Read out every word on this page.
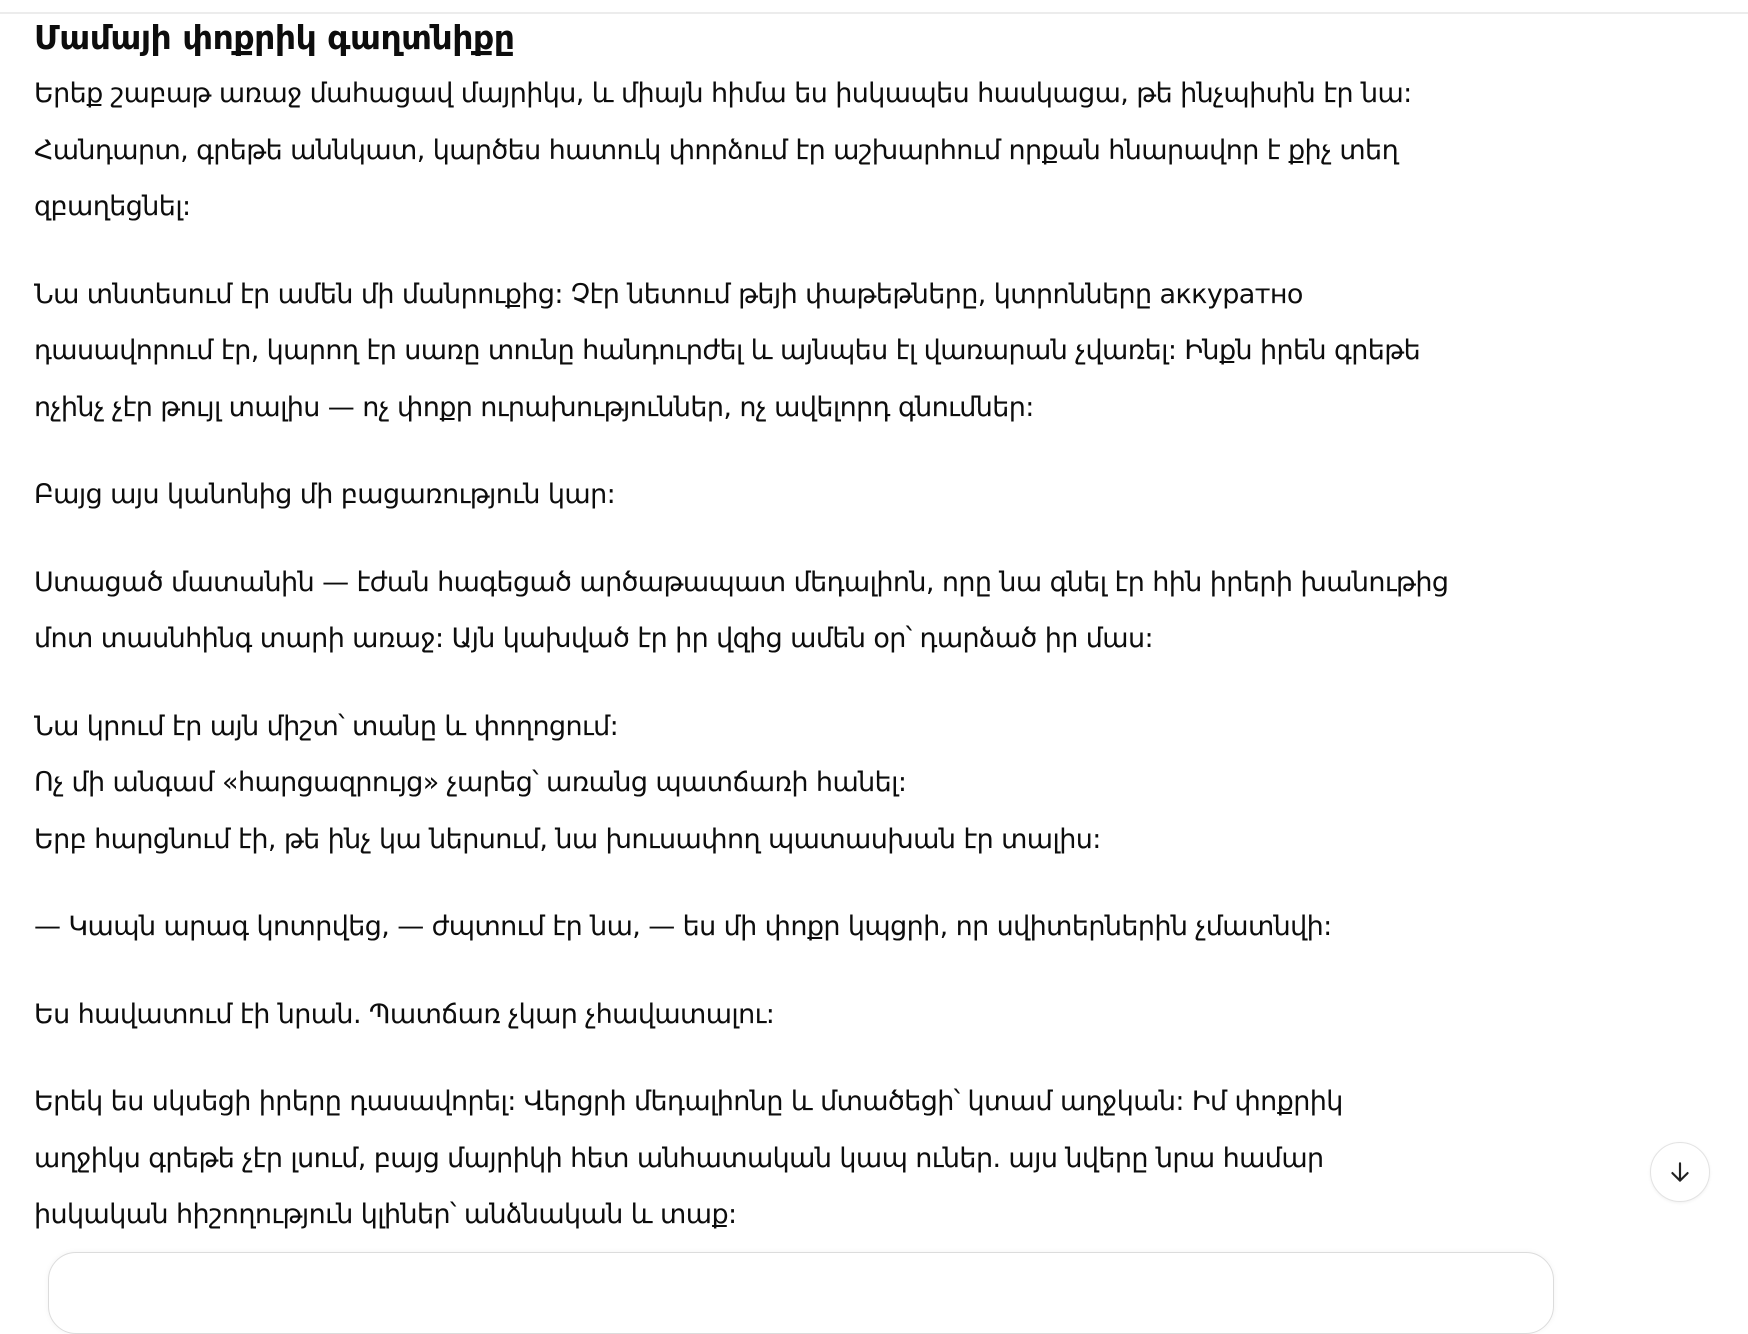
Մամայի փոքրիկ գաղտնիքը

Երեք շաբաթ առաջ մահացավ մայրիկս, և միայն հիմա ես իսկապես հասկացա, թե ինչպիսին էր նա:
Հանդարտ, գրեթե աննկատ, կարծես հատուկ փորձում էր աշխարհում որքան հնարավոր է քիչ տեղ
զբաղեցնել:

Նա տնտեսում էր ամեն մի մանրուքից: Չէր նետում թեյի փաթեթները, կտրոնները аккуратно
դասավորում էր, կարող էր սառը տունը հանդուրժել և այնպես էլ վառարան չվառել: Ինքն իրեն գրեթե
ոչինչ չէր թույլ տալիս — ոչ փոքր ուրախություններ, ոչ ավելորդ գնումներ:

Բայց այս կանոնից մի բացառություն կար:

Ստացած մատանին — էժան հագեցած արծաթապատ մեդալիոն, որը նա գնել էր հին իրերի խանութից
մոտ տասնհինգ տարի առաջ: Այն կախված էր իր վզից ամեն օր՝ դարձած իր մաս:

Նա կրում էր այն միշտ՝ տանը և փողոցում:
Ոչ մի անգամ «հարցազրույց» չարեց՝ առանց պատճառի հանել:
Երբ հարցնում էի, թե ինչ կա ներսում, նա խուսափող պատասխան էր տալիս:

— Կապն արագ կոտրվեց, — ժպտում էր նա, — ես մի փոքր կպցրի, որ սվիտերներին չմատնվի:

Ես հավատում էի նրան. Պատճառ չկար չհավատալու:

Երեկ ես սկսեցի իրերը դասավորել: Վերցրի մեդալիոնը և մտածեցի՝ կտամ աղջկան: Իմ փոքրիկ
աղջիկս գրեթե չէր լսում, բայց մայրիկի հետ անհատական կապ ուներ. այս նվերը նրա համար
իսկական հիշողություն կլիներ՝ անձնական և տաք:
